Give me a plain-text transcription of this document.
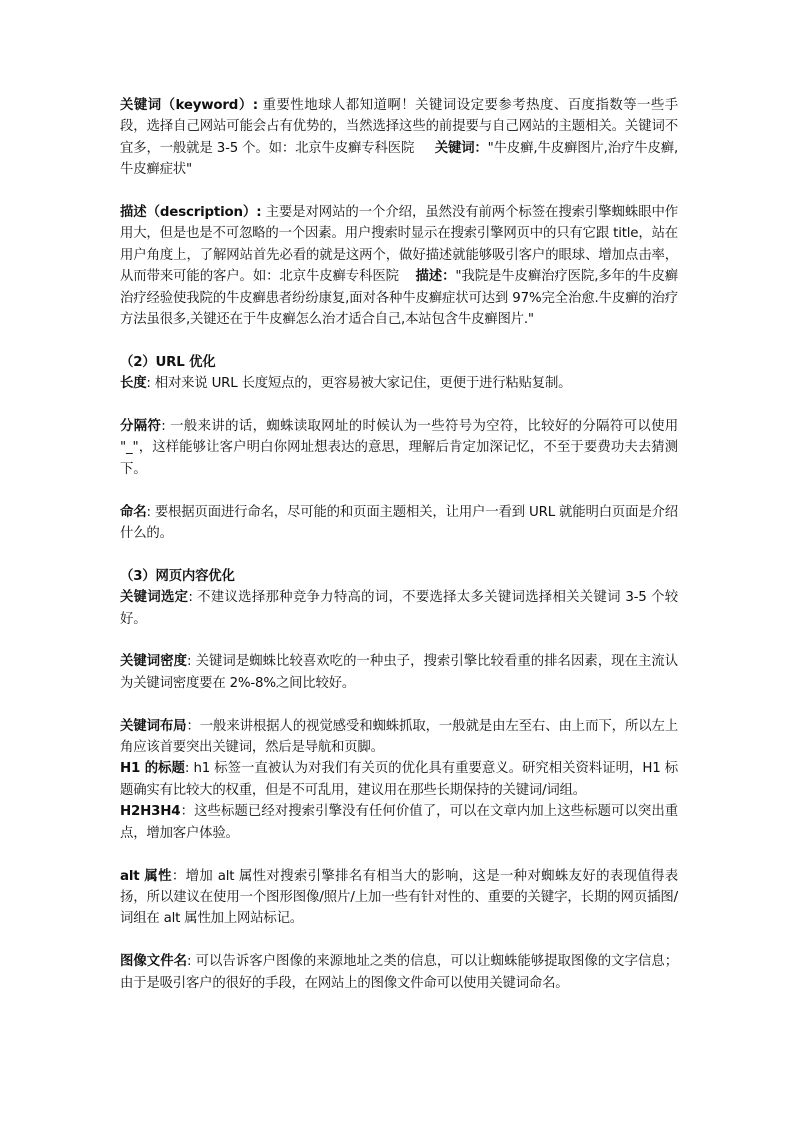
关键词（keyword）: 重要性地球人都知道啊！关键词设定要参考热度、百度指数等一些手段，选择自己网站可能会占有优势的，当然选择这些的前提要与自己网站的主题相关。关键词不宜多，一般就是 3-5 个。如：北京牛皮癣专科医院 关键词："牛皮癣,牛皮癣图片,治疗牛皮癣,牛皮癣症状"

描述（description）: 主要是对网站的一个介绍，虽然没有前两个标签在搜索引擎蜘蛛眼中作用大，但是也是不可忽略的一个因素。用户搜索时显示在搜索引擎网页中的只有它跟 title，站在用户角度上，了解网站首先必看的就是这两个，做好描述就能够吸引客户的眼球、增加点击率，从而带来可能的客户。如：北京牛皮癣专科医院 描述："我院是牛皮癣治疗医院,多年的牛皮癣治疗经验使我院的牛皮癣患者纷纷康复,面对各种牛皮癣症状可达到 97%完全治愈.牛皮癣的治疗方法虽很多,关键还在于牛皮癣怎么治才适合自己,本站包含牛皮癣图片."

（2）URL 优化

长度: 相对来说 URL 长度短点的，更容易被大家记住，更便于进行粘贴复制。

分隔符: 一般来讲的话，蜘蛛读取网址的时候认为一些符号为空符，比较好的分隔符可以使用 "_"，这样能够让客户明白你网址想表达的意思，理解后肯定加深记忆，不至于要费功夫去猜测下。

命名: 要根据页面进行命名，尽可能的和页面主题相关，让用户一看到 URL 就能明白页面是介绍什么的。

（3）网页内容优化

关键词选定: 不建议选择那种竞争力特高的词，不要选择太多关键词选择相关关键词 3-5 个较好。

关键词密度: 关键词是蜘蛛比较喜欢吃的一种虫子，搜索引擎比较看重的排名因素，现在主流认为关键词密度要在 2%-8%之间比较好。

关键词布局：一般来讲根据人的视觉感受和蜘蛛抓取，一般就是由左至右、由上而下，所以左上角应该首要突出关键词，然后是导航和页脚。

H1 的标题: h1 标签一直被认为对我们有关页的优化具有重要意义。研究相关资料证明，H1 标题确实有比较大的权重，但是不可乱用，建议用在那些长期保持的关键词/词组。

H2H3H4：这些标题已经对搜索引擎没有任何价值了，可以在文章内加上这些标题可以突出重点，增加客户体验。

alt 属性：增加 alt 属性对搜索引擎排名有相当大的影响，这是一种对蜘蛛友好的表现值得表扬，所以建议在使用一个图形图像/照片/上加一些有针对性的、重要的关键字，长期的网页插图/词组在 alt 属性加上网站标记。

图像文件名: 可以告诉客户图像的来源地址之类的信息，可以让蜘蛛能够提取图像的文字信息；由于是吸引客户的很好的手段，在网站上的图像文件命可以使用关键词命名。
